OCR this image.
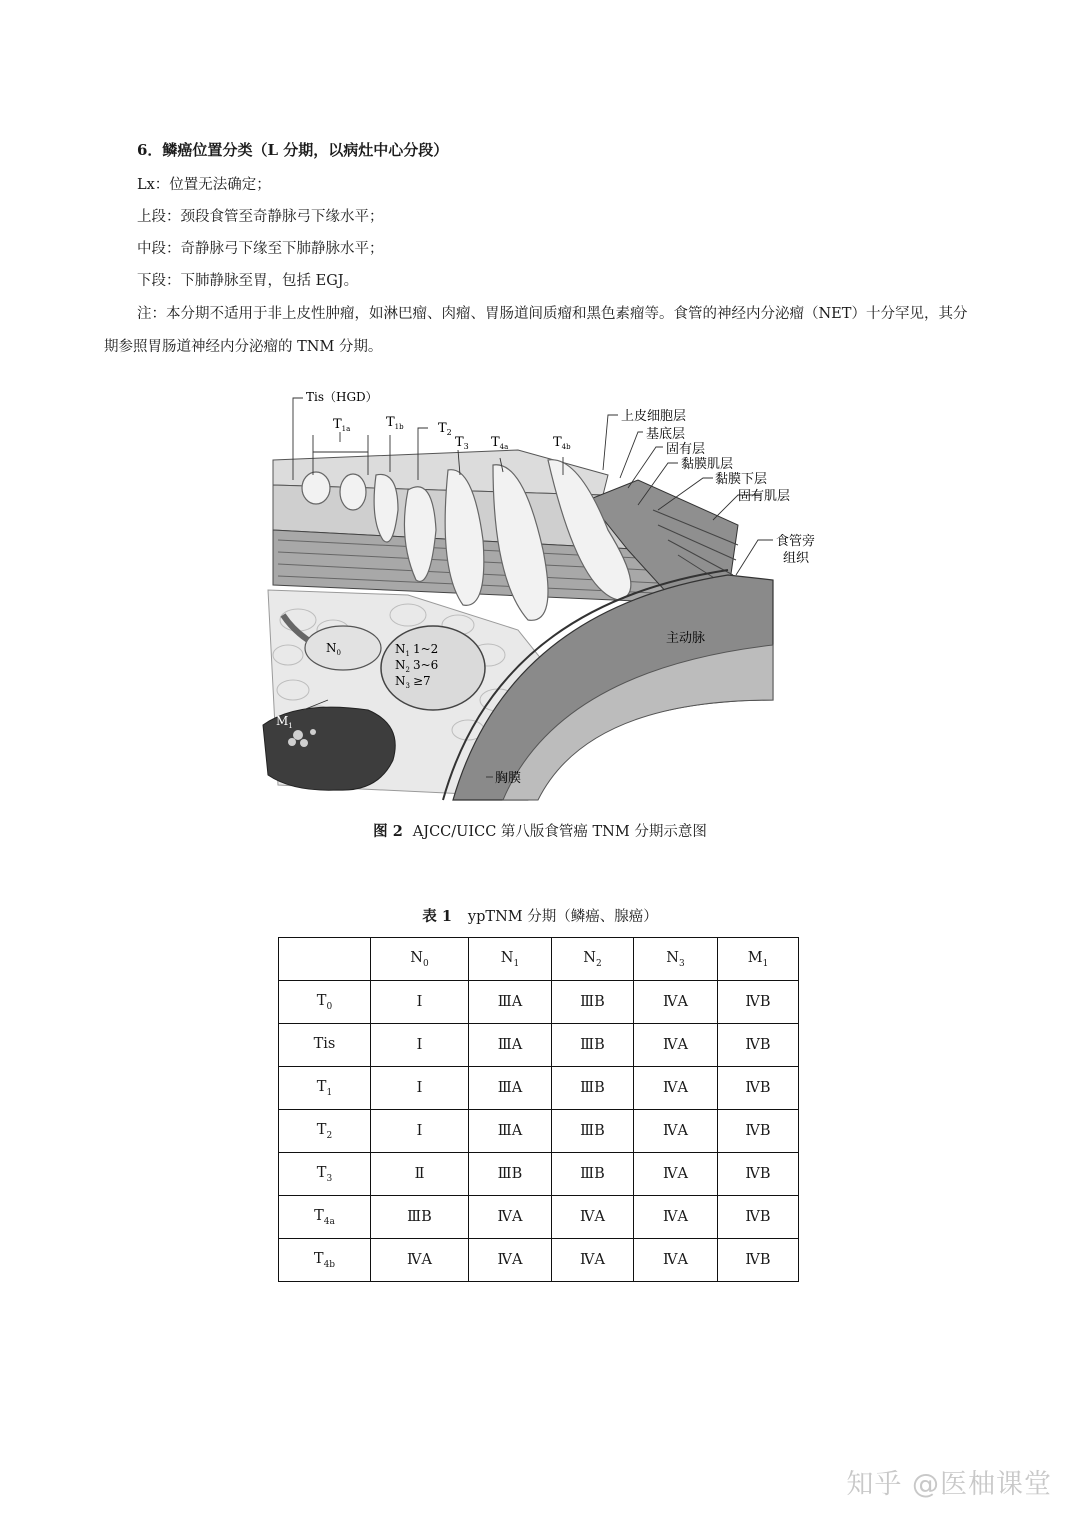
6．鳞癌位置分类（L 分期，以病灶中心分段）
Lx：位置无法确定；
上段：颈段食管至奇静脉弓下缘水平；
中段：奇静脉弓下缘至下肺静脉水平；
下段：下肺静脉至胃，包括 EGJ。
注：本分期不适用于非上皮性肿瘤，如淋巴瘤、肉瘤、胃肠道间质瘤和黑色素瘤等。食管的神经内分泌瘤（NET）十分罕见，其分期参照胃肠道神经内分泌瘤的 TNM 分期。
Tis（HGD）
$T_{1a}$	$T_{1b}$	$T_2$
$T_3$ $T_{4a}$	$T_{4b}$
上皮细胞层
基底层
固有层
黏膜肌层
黏膜下层
固有肌层
食管旁
组织
主动脉
胸膜
$N_0$	$N_1$ 1~2
$N_2$ 3~6
$N_3 \ge 7$
$M_1$
图 2 AJCC/UICC 第八版食管癌 TNM 分期示意图
表 1 ypTNM 分期（鳞癌、腺癌）
	$N_0$	$N_1$	$N_2$	$N_3$	$M_1$
$T_0$	Ⅰ	ⅢA	ⅢB	ⅣA	ⅣB
Tis	Ⅰ	ⅢA	ⅢB	ⅣA	ⅣB
$T_1$	Ⅰ	ⅢA	ⅢB	ⅣA	ⅣB
$T_2$	Ⅰ	ⅢA	ⅢB	ⅣA	ⅣB
$T_3$	Ⅱ	ⅢB	ⅢB	ⅣA	ⅣB
$T_{4a}$	ⅢB	ⅣA	ⅣA	ⅣA	ⅣB
$T_{4b}$	ⅣA	ⅣA	ⅣA	ⅣA	ⅣB
知乎 @医柚课堂
